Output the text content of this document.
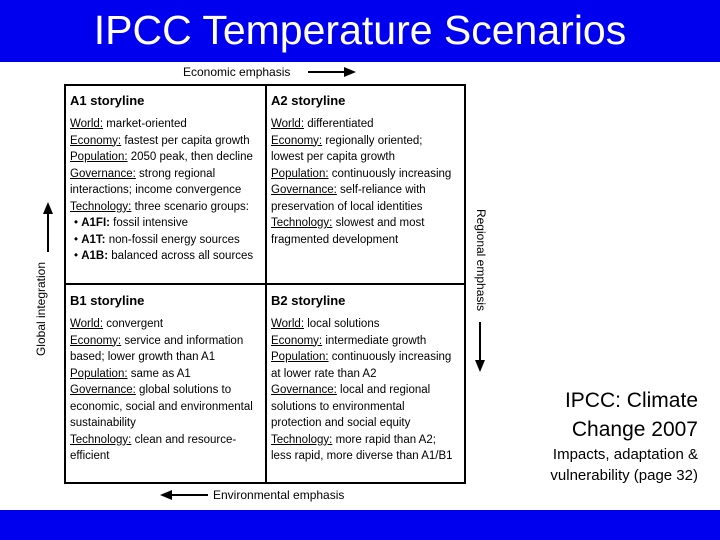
IPCC Temperature Scenarios
Economic emphasis
Environmental emphasis
Global integration	Regional emphasis
A1 storyline
World: market-oriented
Economy: fastest per capita growth
Population: 2050 peak, then decline
Governance: strong regional
interactions; income convergence
Technology: three scenario groups:
• A1FI: fossil intensive
• A1T: non-fossil energy sources
• A1B: balanced across all sources
A2 storyline
World: differentiated
Economy: regionally oriented;
lowest per capita growth
Population: continuously increasing
Governance: self-reliance with
preservation of local identities
Technology: slowest and most
fragmented development
B1 storyline
World: convergent
Economy: service and information
based; lower growth than A1
Population: same as A1
Governance: global solutions to
economic, social and environmental
sustainability
Technology: clean and resource-
efficient
B2 storyline
World: local solutions
Economy: intermediate growth
Population: continuously increasing
at lower rate than A2
Governance: local and regional
solutions to environmental
protection and social equity
Technology: more rapid than A2;
less rapid, more diverse than A1/B1
IPCC: Climate
Change 2007
Impacts, adaptation &
vulnerability (page 32)
